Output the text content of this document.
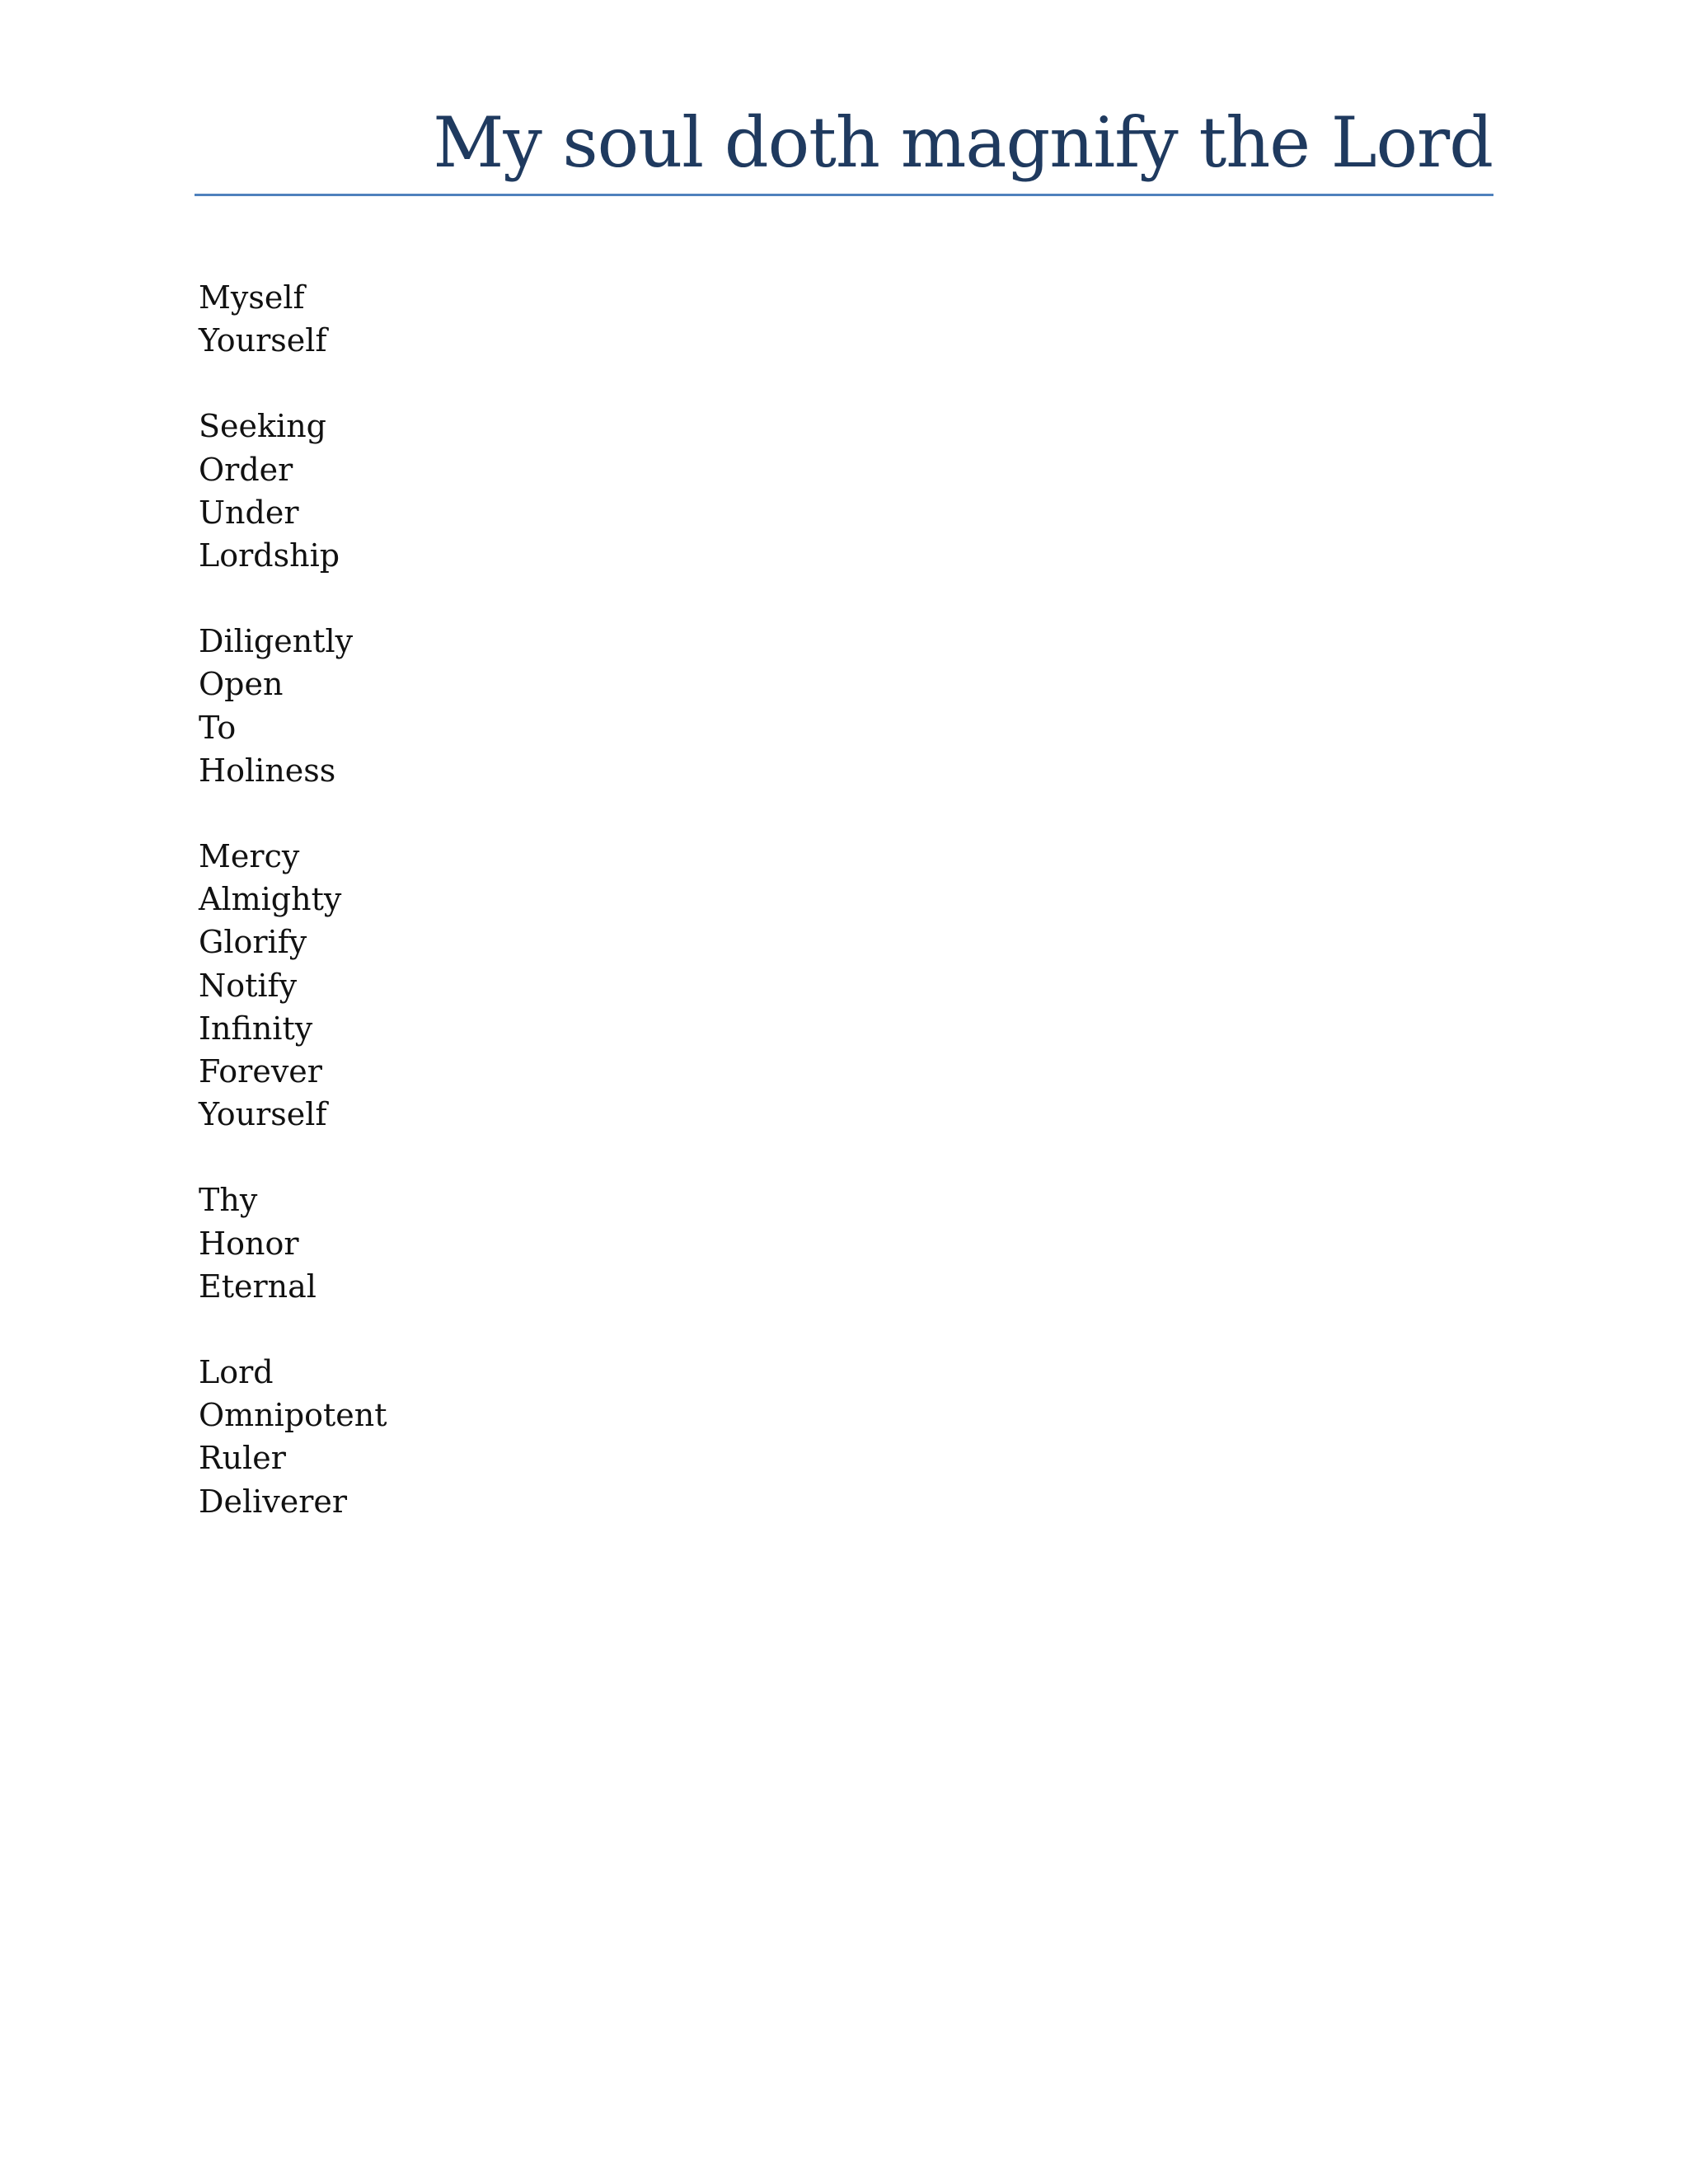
My soul doth magnify the Lord
Myself
Yourself
Seeking
Order
Under
Lordship
Diligently
Open
To
Holiness
Mercy
Almighty
Glorify
Notify
Infinity
Forever
Yourself
Thy
Honor
Eternal
Lord
Omnipotent
Ruler
Deliverer
